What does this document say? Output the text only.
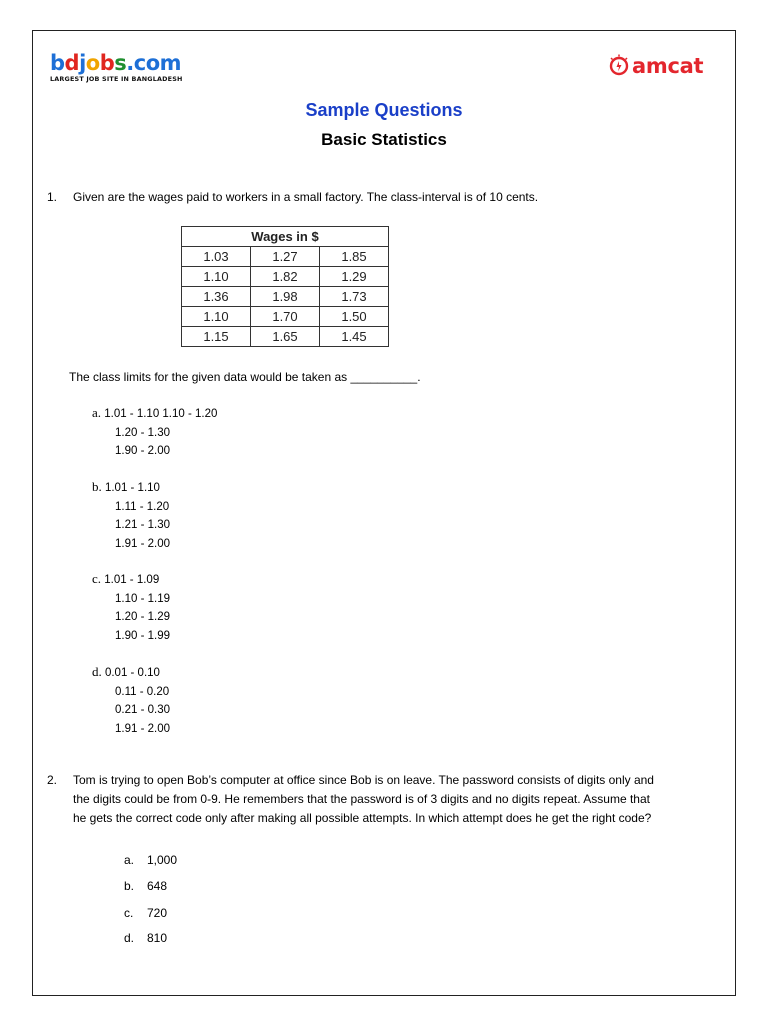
bdjobs.com
LARGEST JOB SITE IN BANGLADESH
amcat
Sample Questions
Basic Statistics
1. Given are the wages paid to workers in a small factory. The class-interval is of 10 cents.
Wages in $		
1.03	1.27	1.85
1.10	1.82	1.29
1.36	1.98	1.73
1.10	1.70	1.50
1.15	1.65	1.45
The class limits for the given data would be taken as __________.
a. 1.01 - 1.10 1.10 - 1.20
1.20 - 1.30
1.90 - 2.00
b. 1.01 - 1.10
1.11 - 1.20
1.21 - 1.30
1.91 - 2.00
c. 1.01 - 1.09
1.10 - 1.19
1.20 - 1.29
1.90 - 1.99
d. 0.01 - 0.10
0.11 - 0.20
0.21 - 0.30
1.91 - 2.00
2. Tom is trying to open Bob’s computer at office since Bob is on leave. The password consists of digits only and
the digits could be from 0-9. He remembers that the password is of 3 digits and no digits repeat. Assume that
he gets the correct code only after making all possible attempts. In which attempt does he get the right code?
a. 1,000
b. 648
c. 720
d. 810
